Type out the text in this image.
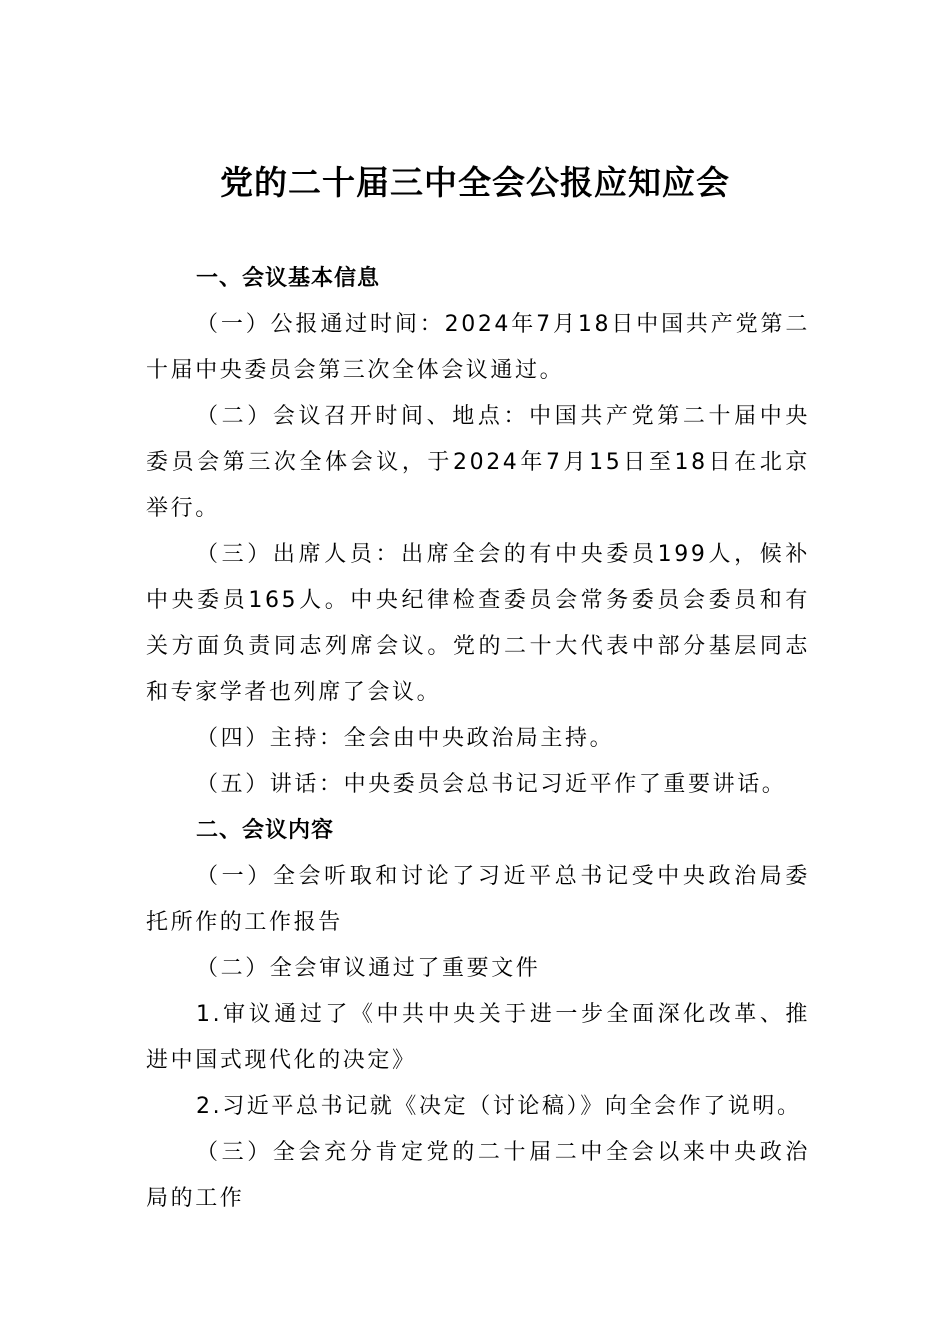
党的二十届三中全会公报应知应会

一、会议基本信息

（一）公报通过时间：2024年7月18日中国共产党第二十届中央委员会第三次全体会议通过。

（二）会议召开时间、地点：中国共产党第二十届中央委员会第三次全体会议，于2024年7月15日至18日在北京举行。

（三）出席人员：出席全会的有中央委员199人，候补中央委员165人。中央纪律检查委员会常务委员会委员和有关方面负责同志列席会议。党的二十大代表中部分基层同志和专家学者也列席了会议。

（四）主持：全会由中央政治局主持。

（五）讲话：中央委员会总书记习近平作了重要讲话。

二、会议内容

（一）全会听取和讨论了习近平总书记受中央政治局委托所作的工作报告

（二）全会审议通过了重要文件

1.审议通过了《中共中央关于进一步全面深化改革、推进中国式现代化的决定》

2.习近平总书记就《决定（讨论稿）》向全会作了说明。

（三）全会充分肯定党的二十届二中全会以来中央政治局的工作
